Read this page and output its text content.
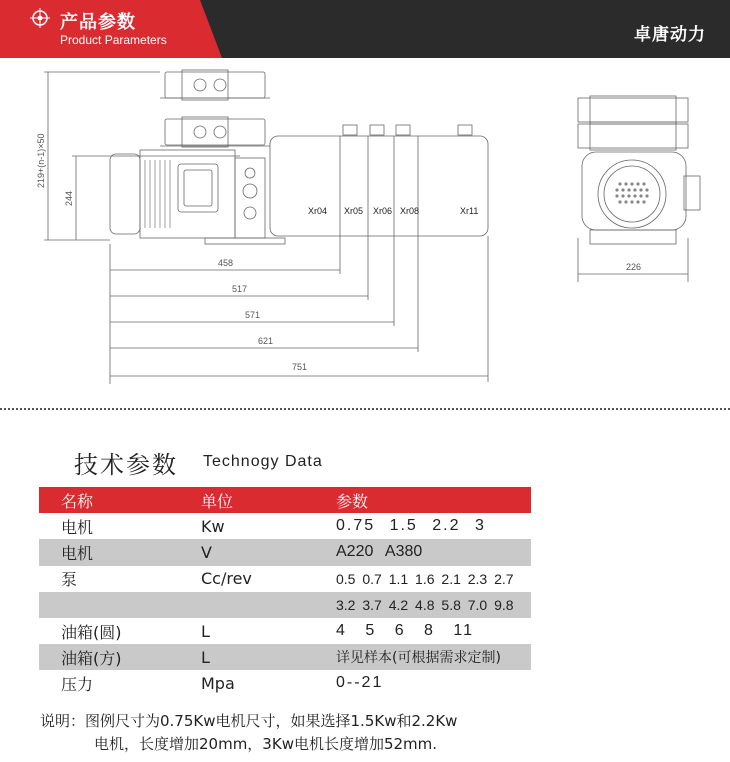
产品参数
Product Parameters	卓唐动力
219+(n-1)×50
244
Xr04 Xr05 Xr06 Xr08	Xr11
458
517
571
621
751
226
技术参数 Technogy Data
名称	单位	参数
电机	Kw	0.75 1.5 2.2 3
电机	V	A220 A380
泵	Cc/rev	0.5 0.7 1.1 1.6 2.1 2.3 2.7
		3.2 3.7 4.2 4.8 5.8 7.0 9.8
油箱(圆)	L	4 5 6 8 11
油箱(方)	L	详见样本(可根据需求定制)
压力	Mpa	0--21
说明：图例尺寸为0.75Kw电机尺寸，如果选择1.5Kw和2.2Kw
电机，长度增加20mm，3Kw电机长度增加52mm.
